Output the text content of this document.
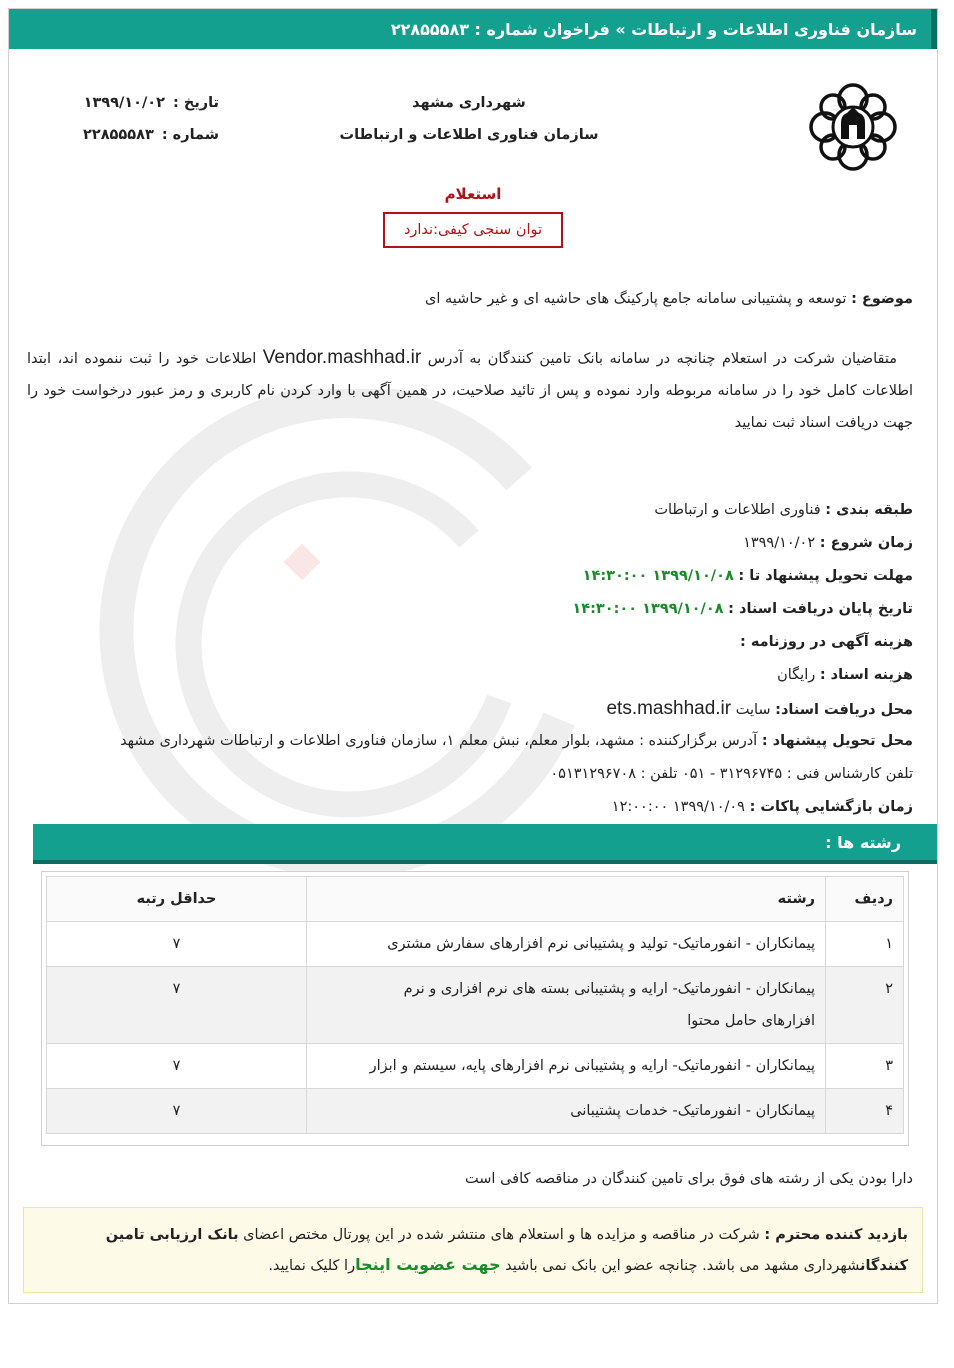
سازمان فناوری اطلاعات و ارتباطات » فراخوان شماره : ۲۲۸۵۵۵۸۳
شهرداری مشهد
سازمان فناوری اطلاعات و ارتباطات
تاریخ :
۱۳۹۹/۱۰/۰۲
شماره :
۲۲۸۵۵۵۸۳
استعلام
توان سنجی کیفی:ندارد
موضوع : توسعه و پشتیبانی سامانه جامع پارکینگ های حاشیه ای و غیر حاشیه ای
متقاضیان شرکت در استعلام چنانچه در سامانه بانک تامین کنندگان به آدرس Vendor.mashhad.ir اطلاعات خود را ثبت ننموده اند، ابتدا اطلاعات کامل خود را در سامانه مربوطه وارد نموده و پس از تائید صلاحیت، در همین آگهی با وارد کردن نام کاربری و رمز عبور درخواست خود را جهت دریافت اسناد ثبت نمایید
طبقه بندی : فناوری اطلاعات و ارتباطات
زمان شروع : ۱۳۹۹/۱۰/۰۲
مهلت تحویل پیشنهاد تا : ۱۳۹۹/۱۰/۰۸ ۱۴:۳۰:۰۰
تاریخ پایان دریافت اسناد : ۱۳۹۹/۱۰/۰۸ ۱۴:۳۰:۰۰
هزینه آگهی در روزنامه :
هزینه اسناد : رایگان
محل دریافت اسناد: سایت ets.mashhad.ir
محل تحویل پیشنهاد : آدرس برگزارکننده : مشهد، بلوار معلم، نبش معلم ۱، سازمان فناوری اطلاعات و ارتباطات شهرداری مشهد
تلفن کارشناس فنی : ۳۱۲۹۶۷۴۵ - ۰۵۱ تلفن : ۰۵۱۳۱۲۹۶۷۰۸
زمان بازگشایی پاکات : ۱۳۹۹/۱۰/۰۹ ۱۲:۰۰:۰۰
رشته ها :
ردیف	رشته	حداقل رتبه
۱	پیمانکاران - انفورماتیک- تولید و پشتیبانی نرم افزارهای سفارش مشتری	۷
۲	پیمانکاران - انفورماتیک- ارایه و پشتیبانی بسته های نرم افزاری و نرم افزارهای حامل محتوا	۷
۳	پیمانکاران - انفورماتیک- ارایه و پشتیبانی نرم افزارهای پایه، سیستم و ابزار	۷
۴	پیمانکاران - انفورماتیک- خدمات پشتیبانی	۷
دارا بودن یکی از رشته های فوق برای تامین کنندگان در مناقصه کافی است
بازدید کننده محترم : شرکت در مناقصه و مزایده ها و استعلام های منتشر شده در این پورتال مختص اعضای بانک ارزیابی تامین کنندگانشهرداری مشهد می باشد. چنانچه عضو این بانک نمی باشید جهت عضویت اینجارا کلیک نمایید.
